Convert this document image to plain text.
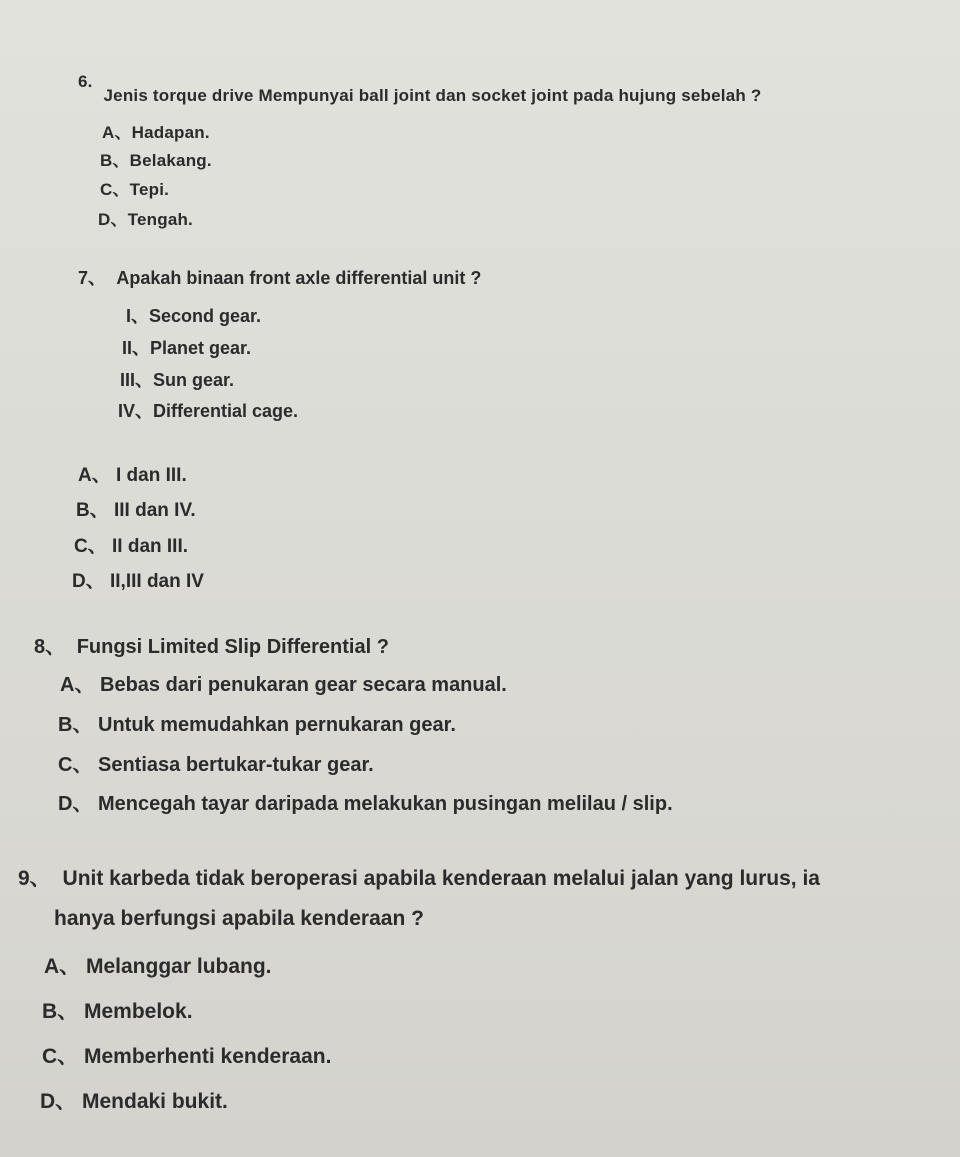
6. Jenis torque drive Mempunyai ball joint dan socket joint pada hujung sebelah ?
A、Hadapan.
B、Belakang.
C、Tepi.
D、Tengah.
7、 Apakah binaan front axle differential unit ?
I、Second gear.
II、Planet gear.
III、Sun gear.
IV、Differential cage.
A、 I dan III.
B、 III dan IV.
C、 II dan III.
D、 II,III dan IV
8、 Fungsi Limited Slip Differential ?
A、 Bebas dari penukaran gear secara manual.
B、 Untuk memudahkan pernukaran gear.
C、 Sentiasa bertukar-tukar gear.
D、 Mencegah tayar daripada melakukan pusingan melilau / slip.
9、 Unit karbeda tidak beroperasi apabila kenderaan melalui jalan yang lurus, ia
hanya berfungsi apabila kenderaan ?
A、 Melanggar lubang.
B、 Membelok.
C、 Memberhenti kenderaan.
D、 Mendaki bukit.
